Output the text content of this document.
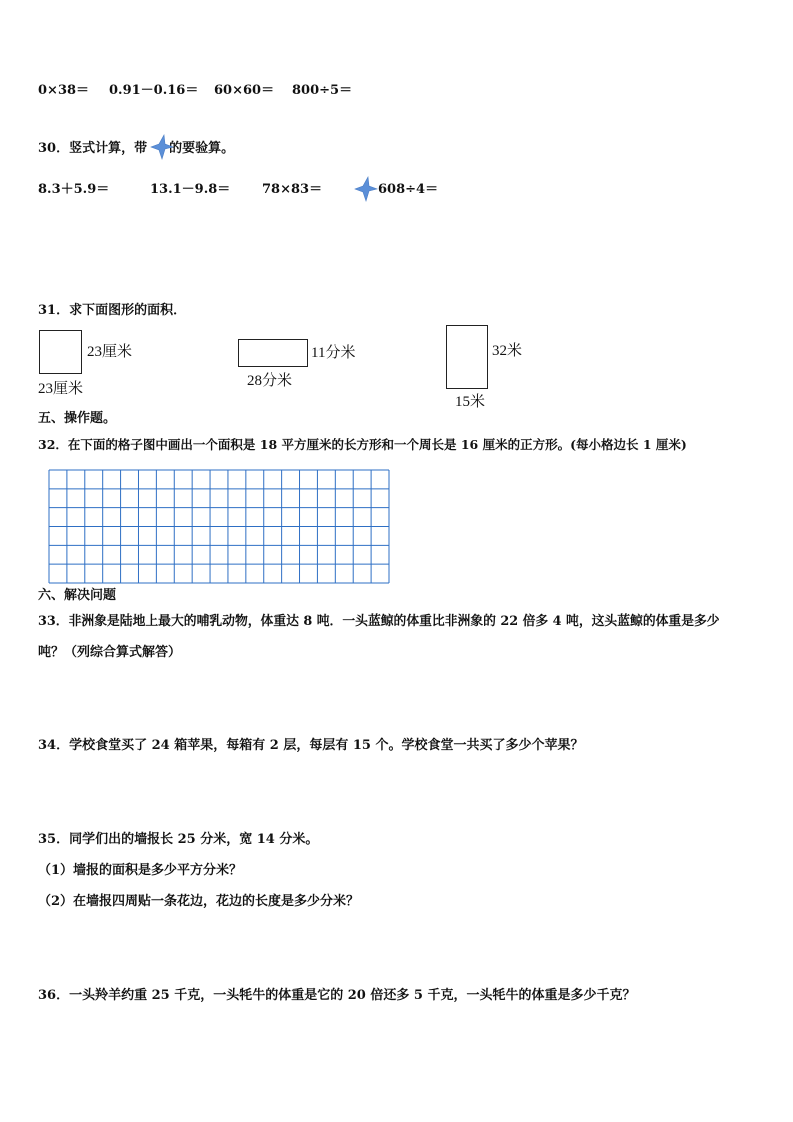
0×38＝ 0.91－0.16＝ 60×60＝ 800÷5＝
30．竖式计算，带 的要验算。
8.3＋5.9＝	13.1－9.8＝ 78×83＝	608÷4＝
31．求下面图形的面积．
23厘米
23厘米
11分米
28分米
32米
15米
五、操作题。
32．在下面的格子图中画出一个面积是 18 平方厘米的长方形和一个周长是 16 厘米的正方形。(每小格边长 1 厘米)
六、解决问题
33．非洲象是陆地上最大的哺乳动物，体重达 8 吨．一头蓝鲸的体重比非洲象的 22 倍多 4 吨，这头蓝鲸的体重是多少
吨？（列综合算式解答）
34．学校食堂买了 24 箱苹果，每箱有 2 层，每层有 15 个。学校食堂一共买了多少个苹果？
35．同学们出的墙报长 25 分米，宽 14 分米。
（1）墙报的面积是多少平方分米？
（2）在墙报四周贴一条花边，花边的长度是多少分米？
36．一头羚羊约重 25 千克，一头牦牛的体重是它的 20 倍还多 5 千克，一头牦牛的体重是多少千克？
